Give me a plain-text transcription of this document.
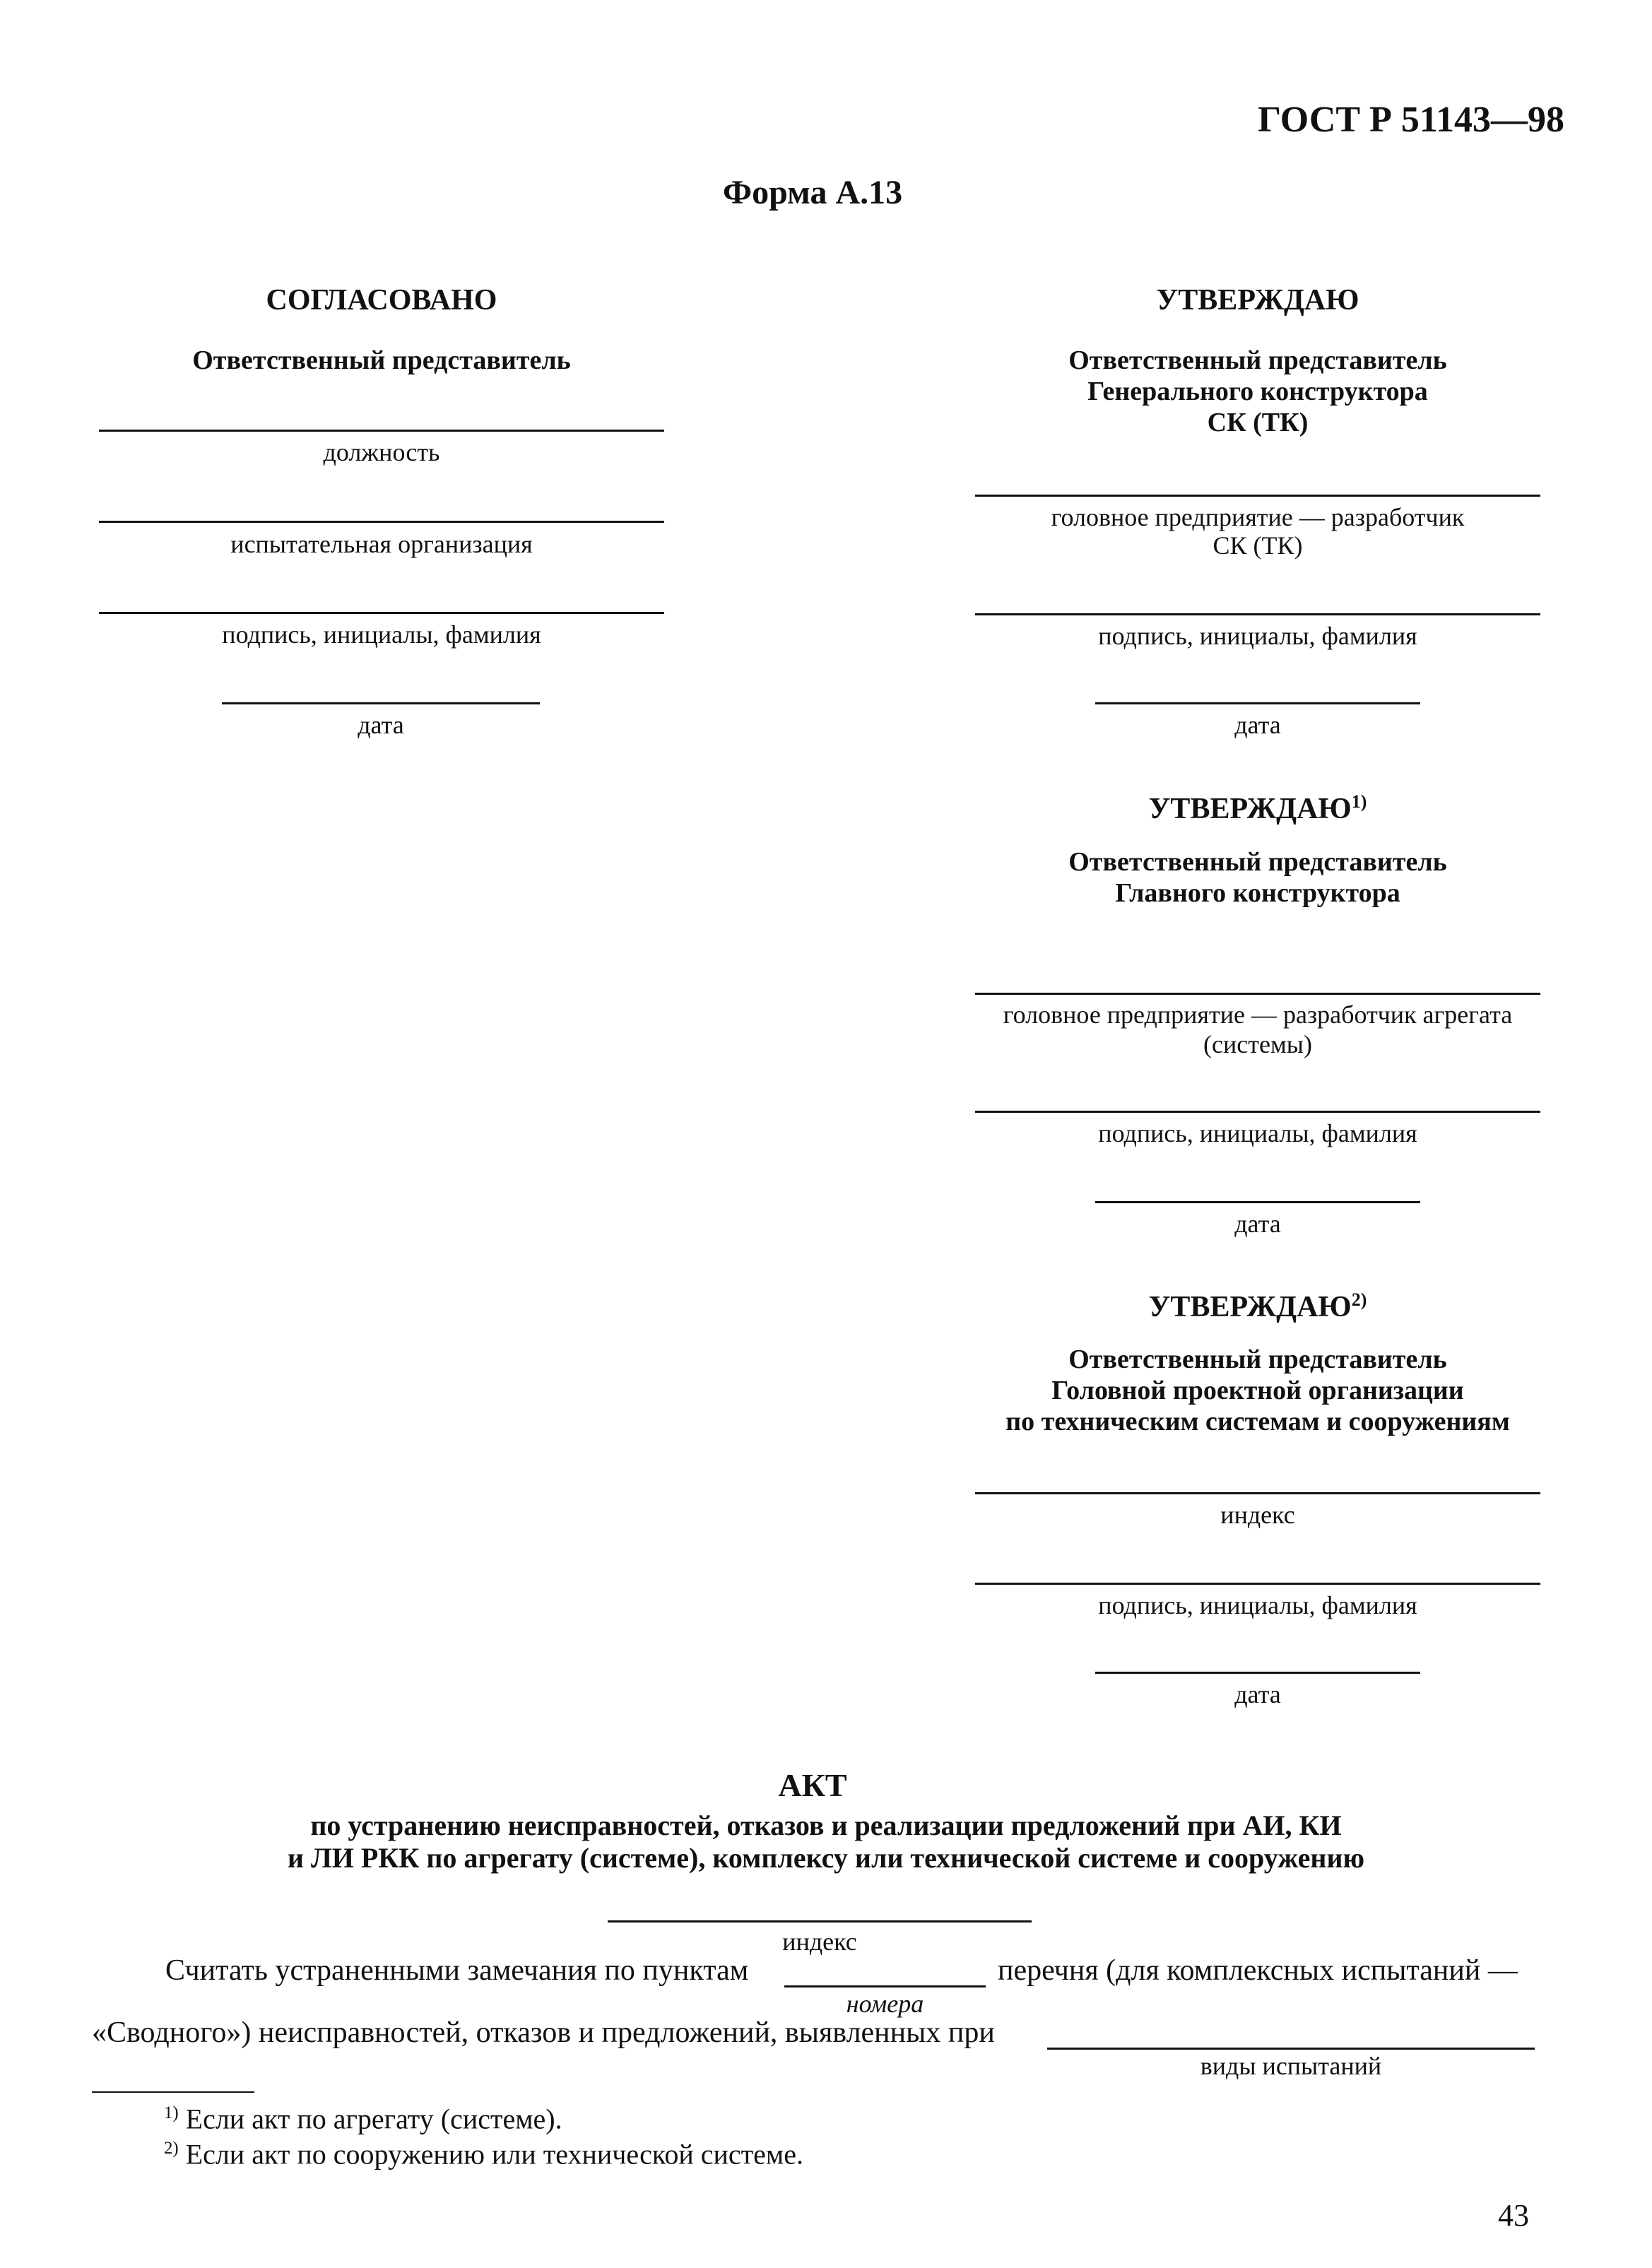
ГОСТ Р 51143—98
Форма А.13
СОГЛАСОВАНО
Ответственный представитель
должность
испытательная организация
подпись, инициалы, фамилия
дата
УТВЕРЖДАЮ
Ответственный представитель
Генерального конструктора
СК (ТК)
головное предприятие — разработчик
СК (ТК)
подпись, инициалы, фамилия
дата
УТВЕРЖДАЮ$^{1)}$
Ответственный представитель
Главного конструктора
головное предприятие — разработчик агрегата
(системы)
подпись, инициалы, фамилия
дата
УТВЕРЖДАЮ$^{2)}$
Ответственный представитель
Головной проектной организации
по техническим системам и сооружениям
индекс
подпись, инициалы, фамилия
дата
АКТ
по устранению неисправностей, отказов и реализации предложений при АИ, КИ
и ЛИ РКК по агрегату (системе), комплексу или технической системе и сооружению
индекс
Считать устраненными замечания по пунктам	перечня (для комплексных испытаний —
номера
«Сводного») неисправностей, отказов и предложений, выявленных при
виды испытаний
$^{1)}$ Если акт по агрегату (системе).
$^{2)}$ Если акт по сооружению или технической системе.
43
